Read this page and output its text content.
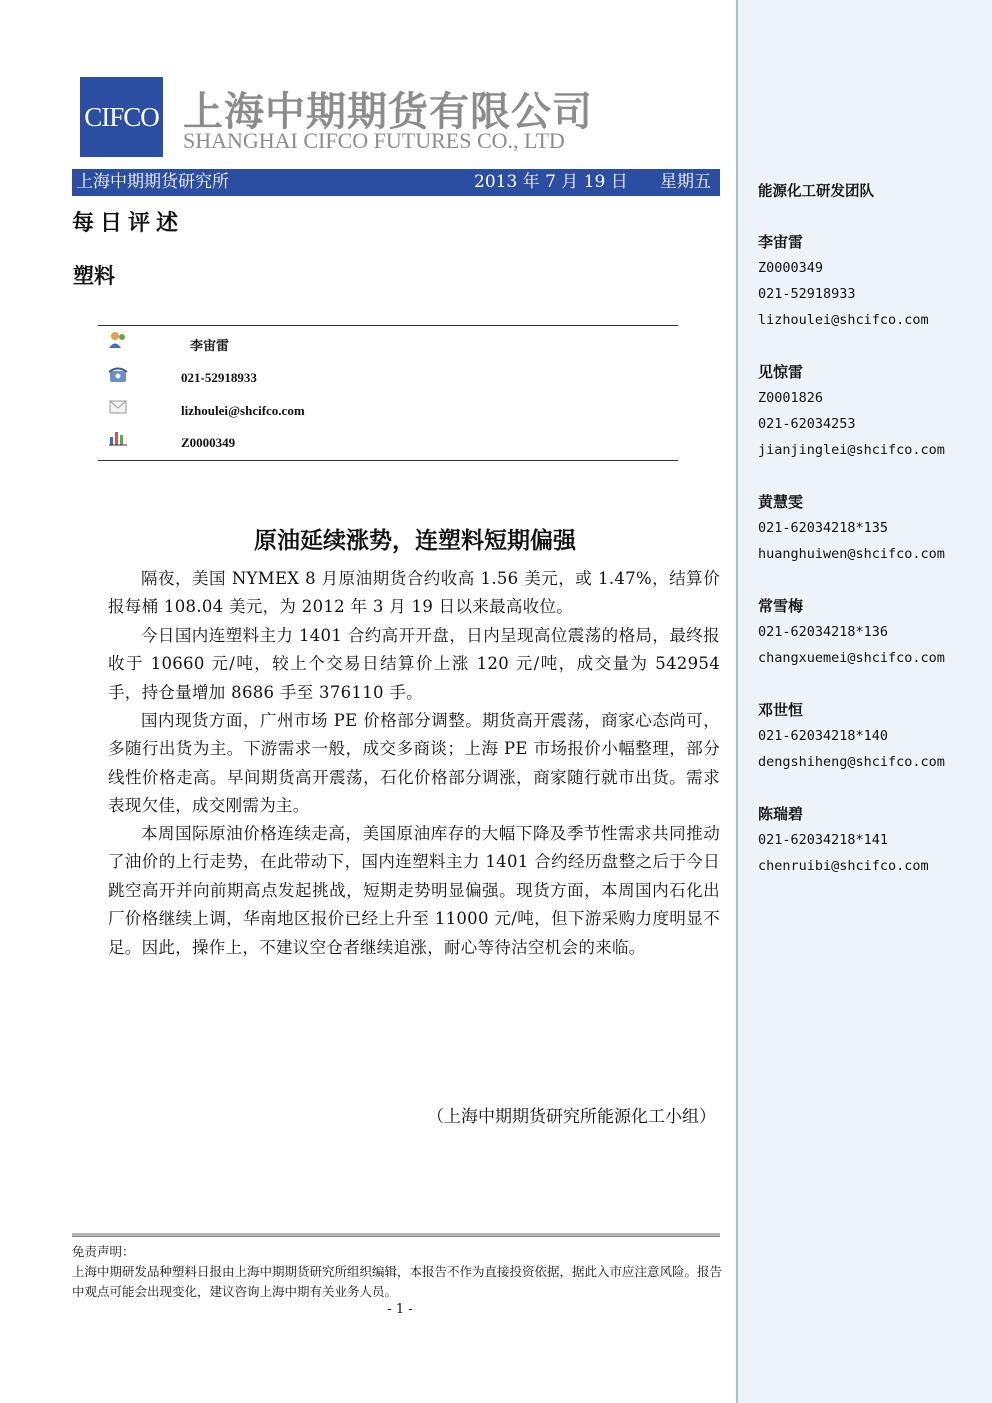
CIFCO 上海中期期货有限公司
SHANGHAI CIFCO FUTURES CO., LTD
上海中期期货研究所	2013 年 7 月 19 日 星期五
每日评述
塑料
李宙雷
021-52918933
lizhoulei@shcifco.com
Z0000349
原油延续涨势，连塑料短期偏强

隔夜，美国 NYMEX 8 月原油期货合约收高 1.56 美元，或 1.47%，结算价报每桶 108.04 美元，为 2012 年 3 月 19 日以来最高收位。

今日国内连塑料主力 1401 合约高开开盘，日内呈现高位震荡的格局，最终报收于 10660 元/吨，较上个交易日结算价上涨 120 元/吨，成交量为 542954 手，持仓量增加 8686 手至 376110 手。

国内现货方面，广州市场 PE 价格部分调整。期货高开震荡，商家心态尚可，多随行出货为主。下游需求一般，成交多商谈；上海 PE 市场报价小幅整理，部分线性价格走高。早间期货高开震荡，石化价格部分调涨，商家随行就市出货。需求表现欠佳，成交刚需为主。

本周国际原油价格连续走高，美国原油库存的大幅下降及季节性需求共同推动了油价的上行走势，在此带动下，国内连塑料主力 1401 合约经历盘整之后于今日跳空高开并向前期高点发起挑战，短期走势明显偏强。现货方面，本周国内石化出厂价格继续上调，华南地区报价已经上升至 11000 元/吨，但下游采购力度明显不足。因此，操作上，不建议空仓者继续追涨，耐心等待沽空机会的来临。

（上海中期期货研究所能源化工小组）
免责声明：
上海中期研发品种塑料日报由上海中期期货研究所组织编辑，本报告不作为直接投资依据，据此入市应注意风险。报告中观点可能会出现变化，建议咨询上海中期有关业务人员。
- 1 -
能源化工研发团队
李宙雷
Z0000349
021-52918933
lizhoulei@shcifco.com
见惊雷
Z0001826
021-62034253
jianjinglei@shcifco.com
黄慧雯
021-62034218*135
huanghuiwen@shcifco.com
常雪梅
021-62034218*136
changxuemei@shcifco.com
邓世恒
021-62034218*140
dengshiheng@shcifco.com
陈瑞碧
021-62034218*141
chenruibi@shcifco.com
